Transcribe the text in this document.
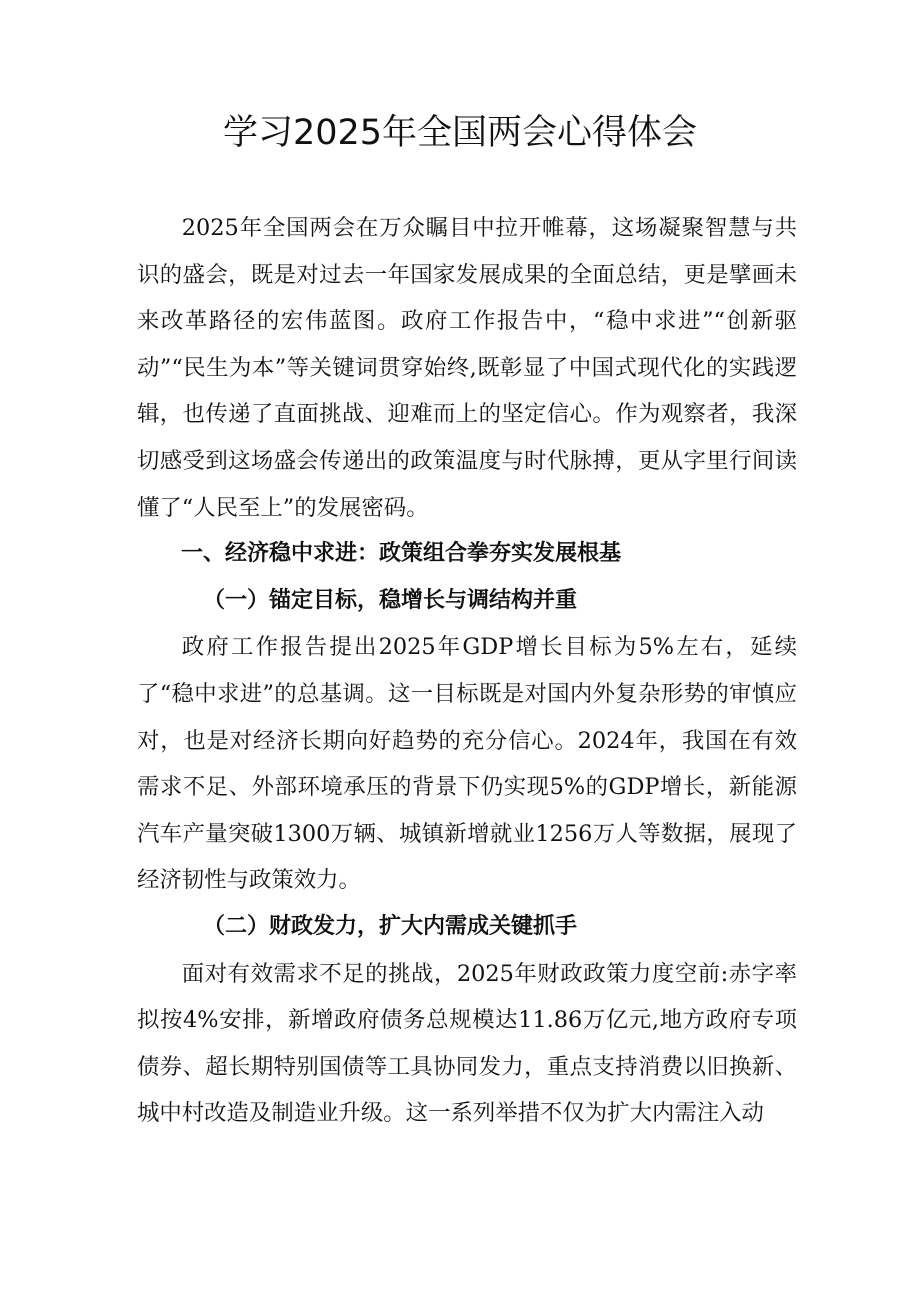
学习2025年全国两会心得体会

2025年全国两会在万众瞩目中拉开帷幕，这场凝聚智慧与共识的盛会，既是对过去一年国家发展成果的全面总结，更是擘画未来改革路径的宏伟蓝图。政府工作报告中，“稳中求进”“创新驱动”“民生为本”等关键词贯穿始终,既彰显了中国式现代化的实践逻辑，也传递了直面挑战、迎难而上的坚定信心。作为观察者，我深切感受到这场盛会传递出的政策温度与时代脉搏，更从字里行间读懂了“人民至上”的发展密码。

一、经济稳中求进：政策组合拳夯实发展根基

（一）锚定目标，稳增长与调结构并重

政府工作报告提出2025年GDP增长目标为5%左右，延续了“稳中求进”的总基调。这一目标既是对国内外复杂形势的审慎应对，也是对经济长期向好趋势的充分信心。2024年，我国在有效需求不足、外部环境承压的背景下仍实现5%的GDP增长，新能源汽车产量突破1300万辆、城镇新增就业1256万人等数据，展现了经济韧性与政策效力。

（二）财政发力，扩大内需成关键抓手

面对有效需求不足的挑战，2025年财政政策力度空前:赤字率拟按4%安排，新增政府债务总规模达11.86万亿元,地方政府专项债券、超长期特别国债等工具协同发力，重点支持消费以旧换新、城中村改造及制造业升级。这一系列举措不仅为扩大内需注入动
